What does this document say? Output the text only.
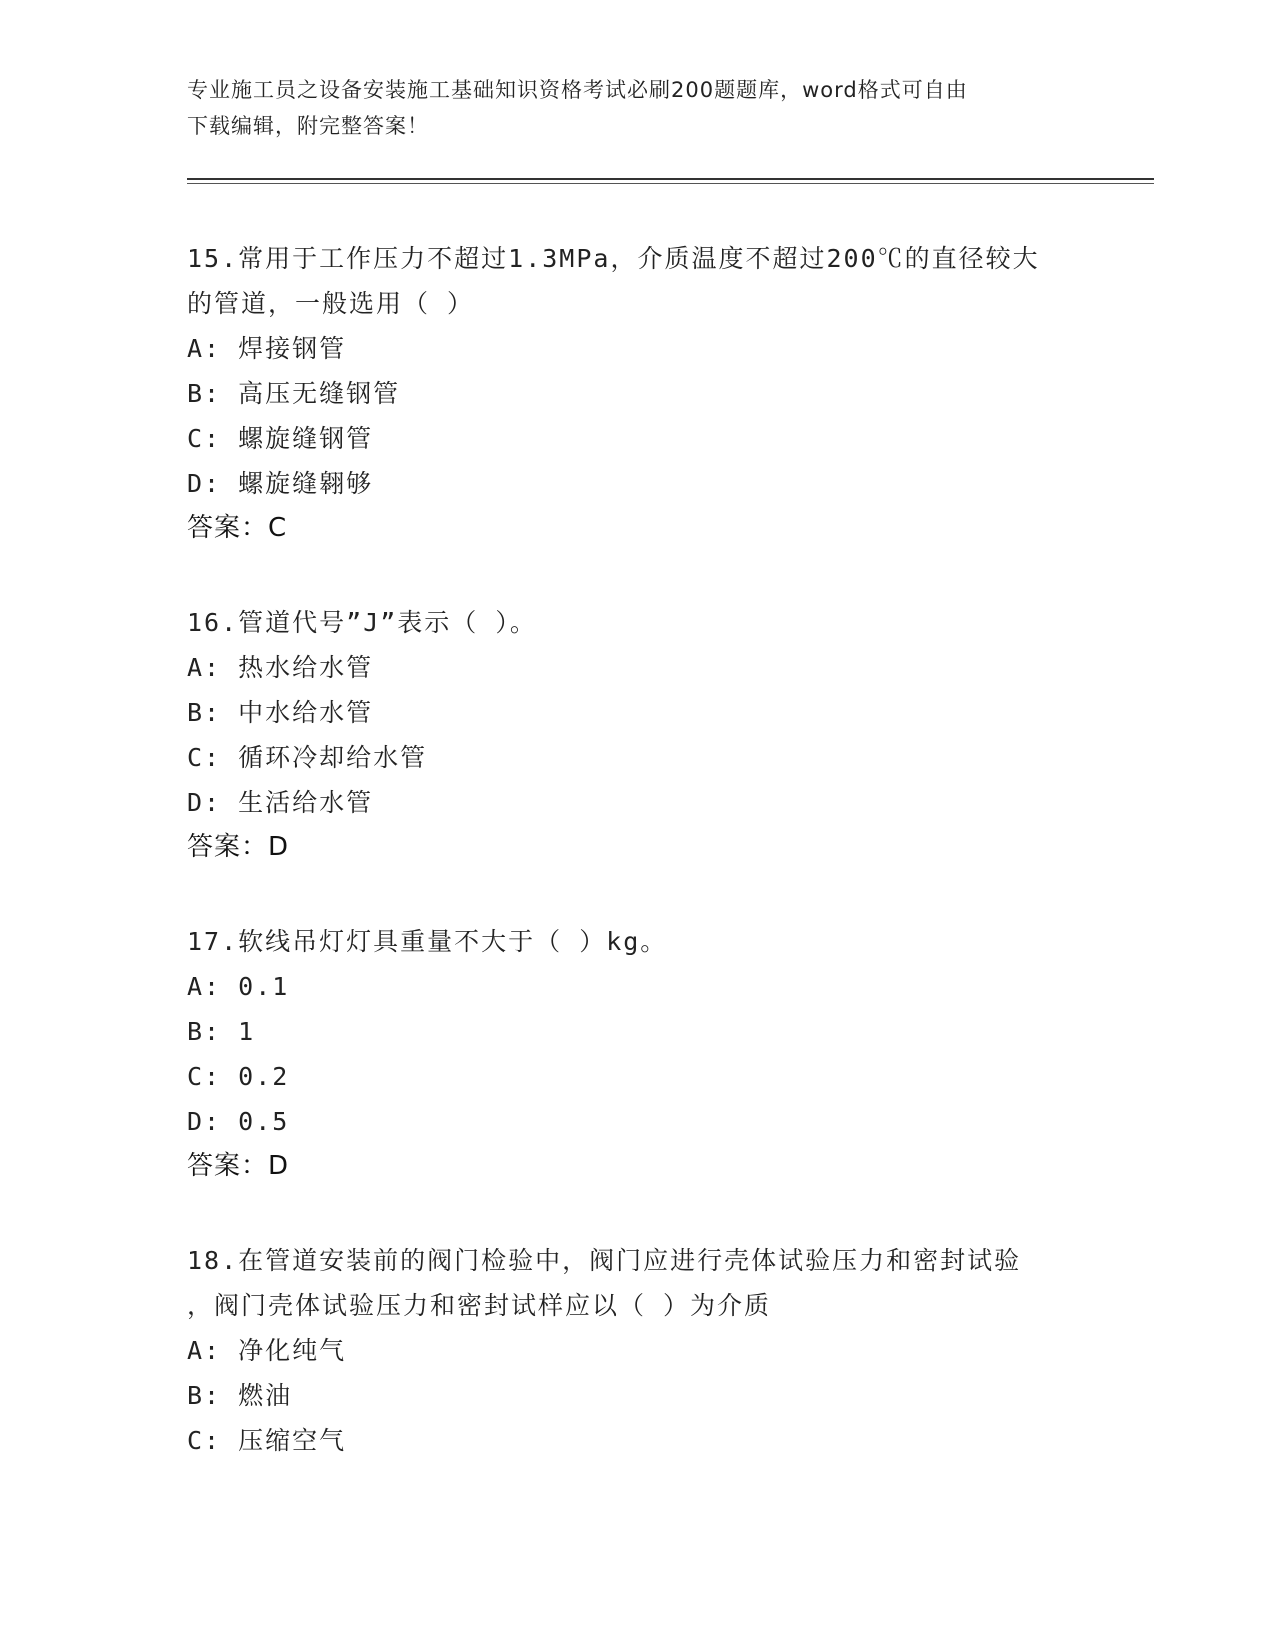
专业施工员之设备安装施工基础知识资格考试必刷200题题库，word格式可自由
下载编辑，附完整答案！
15.常用于工作压力不超过1.3MPa，介质温度不超过200℃的直径较大
的管道，一般选用（ ）
A: 焊接钢管
B: 高压无缝钢管
C: 螺旋缝钢管
D: 螺旋缝翱够
答案：C
16.管道代号”J”表示（ ）。
A: 热水给水管
B: 中水给水管
C: 循环冷却给水管
D: 生活给水管
答案：D
17.软线吊灯灯具重量不大于（ ）kg。
A: 0.1
B: 1
C: 0.2
D: 0.5
答案：D
18.在管道安装前的阀门检验中，阀门应进行壳体试验压力和密封试验
，阀门壳体试验压力和密封试样应以（ ）为介质
A: 净化纯气
B: 燃油
C: 压缩空气
